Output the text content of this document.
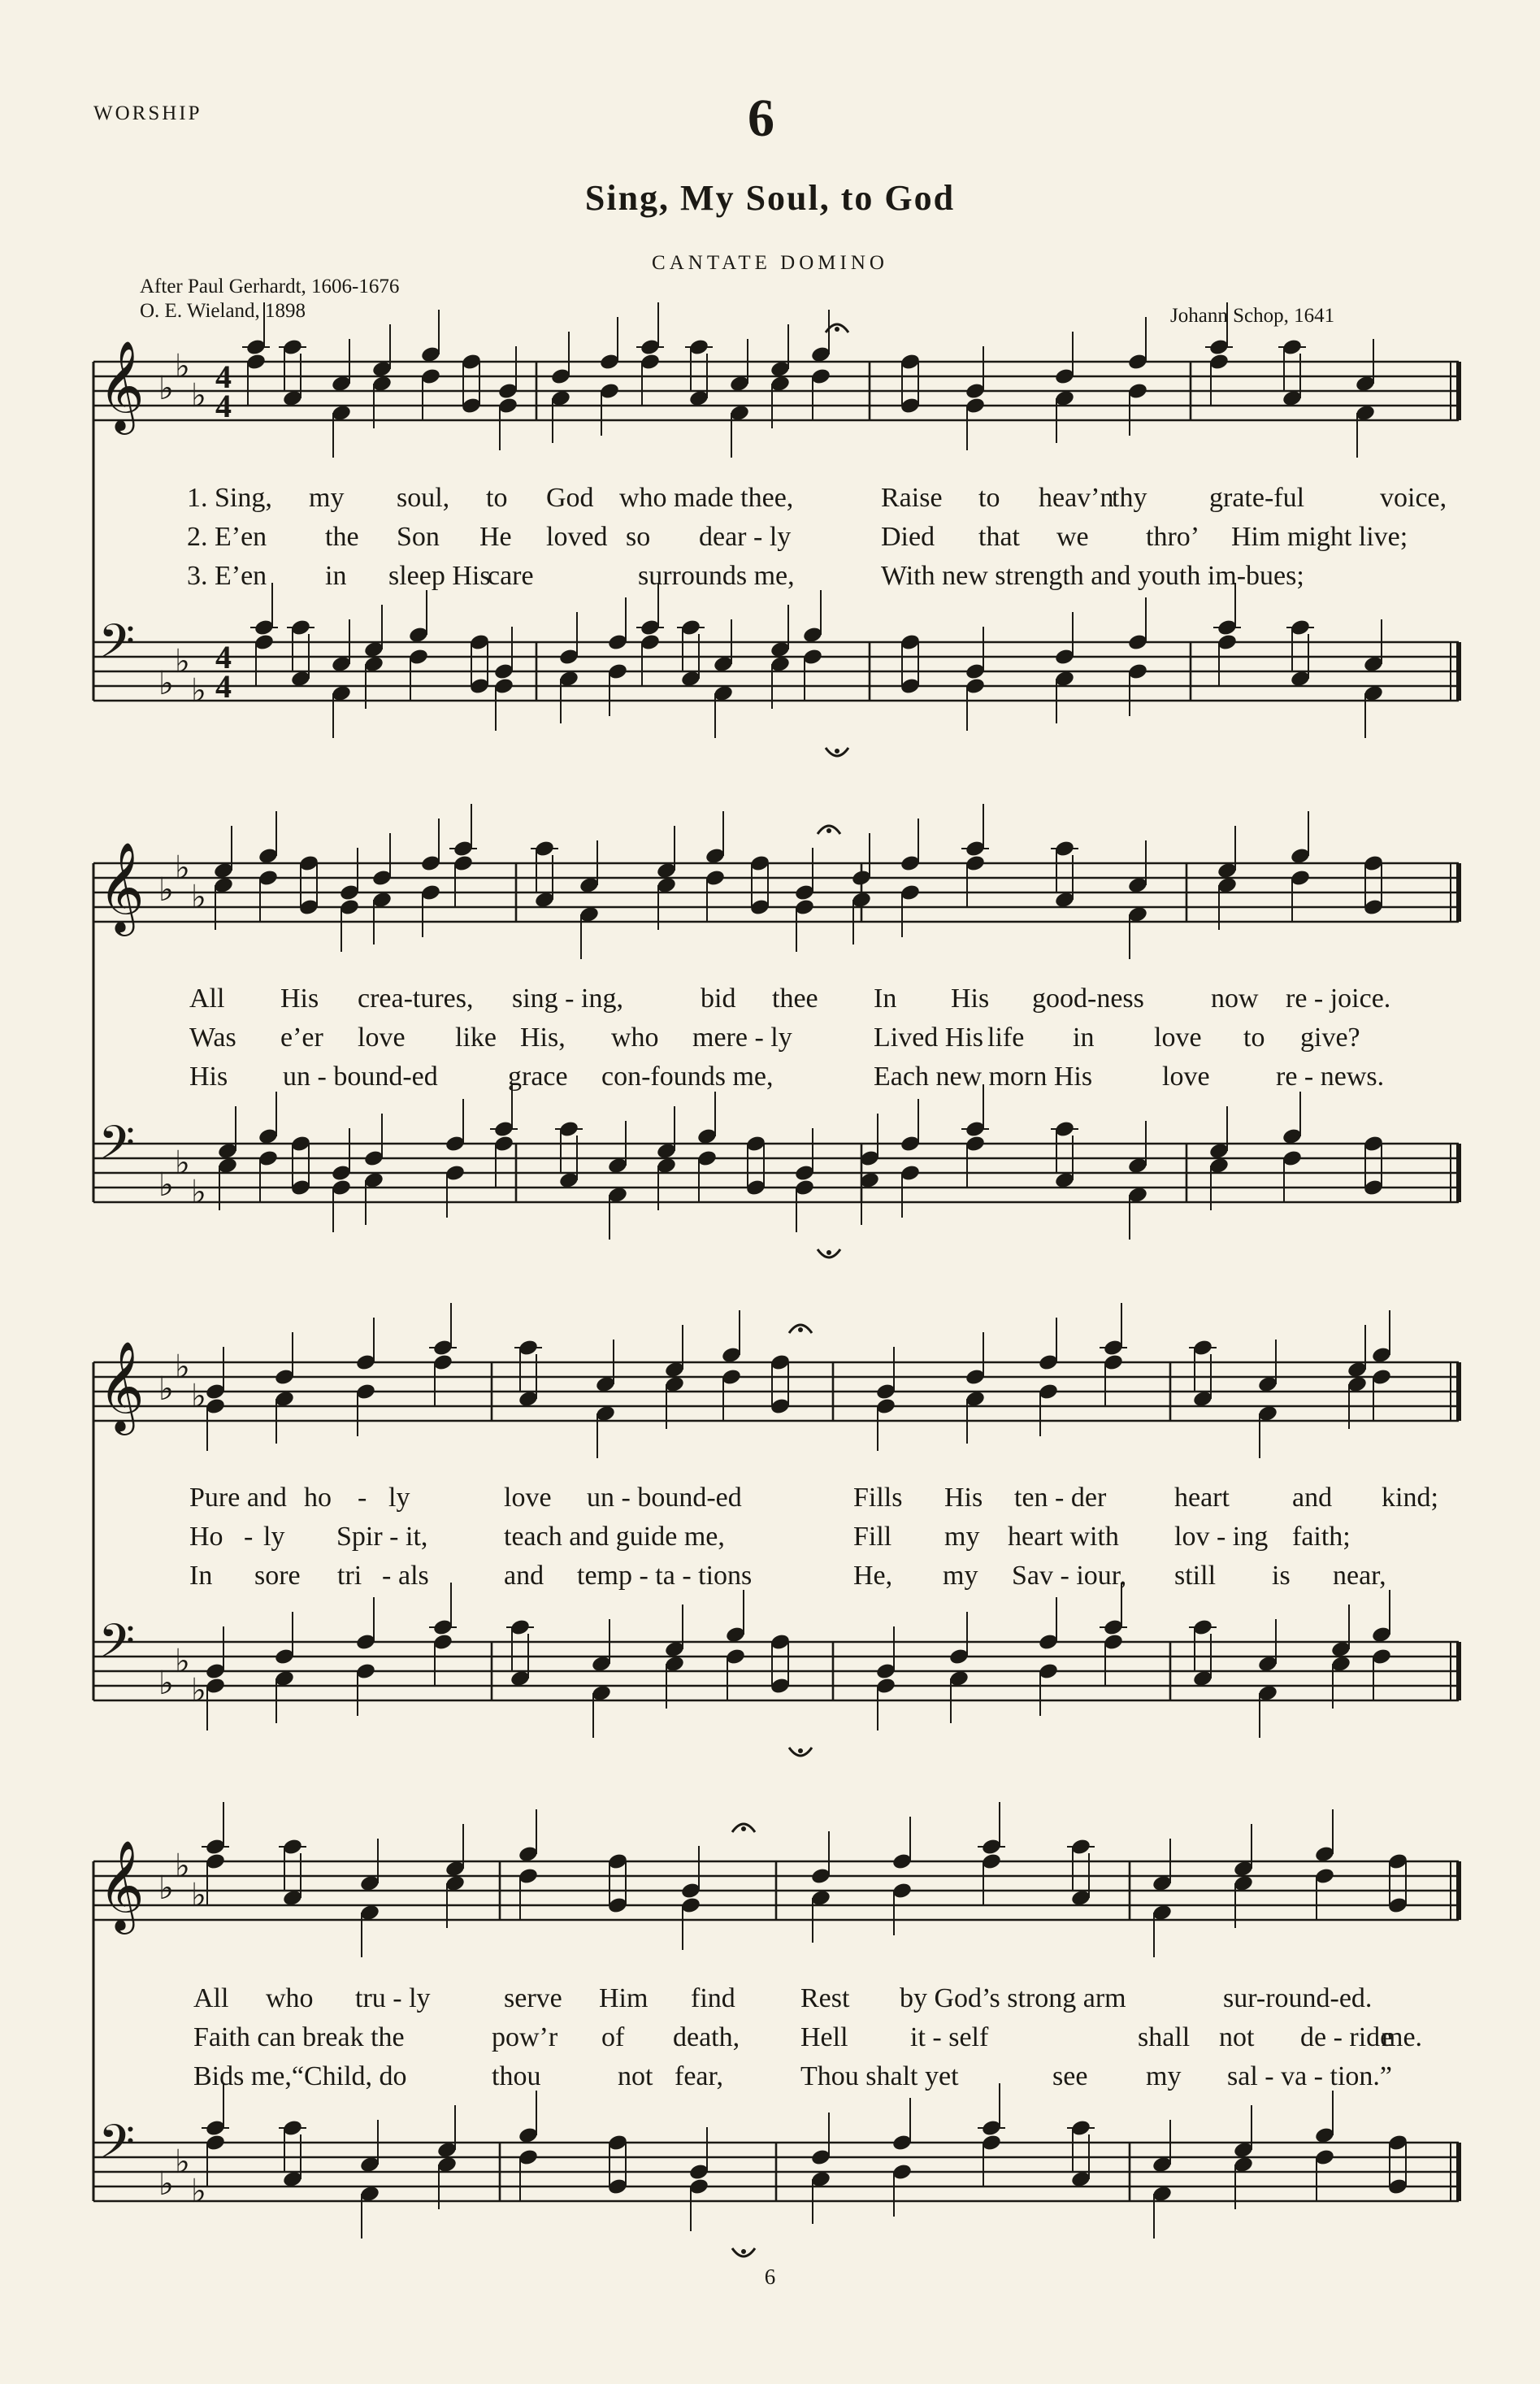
WORSHIP	6
Sing, My Soul, to God
CANTATE DOMINO
After Paul Gerhardt, 1606-1676
O. E. Wieland, 1898	Johann Schop, 1641
𝄞 ♭
♭
♭
𝄢
♭
♭
♭
4
4
4
4
𝄞 ♭
♭
♭
𝄢
♭
♭
♭
𝄞 ♭
♭
♭
𝄢
♭
♭
♭
𝄞 ♭
♭
♭
𝄢
♭
♭
♭
1. Sing, my soul, to God who made thee,	Raise to heav’n
thy grate-ful	voice,
2. E’en the Son He loved so dear - ly	Died that we thro’ Him might live;
3. E’en in sleep His
care	surrounds me,	With new strength and youth im-bues;
All His crea-tures, sing - ing,	bid thee In His good-ness now re - joice.
Was e’er love like His, who mere - ly	Lived His life in love to give?
His un - bound-ed	grace con-founds me,	Each new morn His	love re - news.
Pure and ho - ly	love un - bound-ed	Fills His ten - der heart and kind;
Ho - ly Spir - it,	teach and guide me,	Fill my heart with lov - ing faith;
In sore tri - als	and temp - ta - tions	He, my Sav - iour, still is near,
All who tru - ly	serve Him find Rest by God’s strong arm	sur-round-ed.
Faith can break the	pow’r of death, Hell it - self	shall not de - ride
me.
Bids me,“Child, do	thou	not fear,	Thou shalt yet	see my sal - va - tion.”
6
